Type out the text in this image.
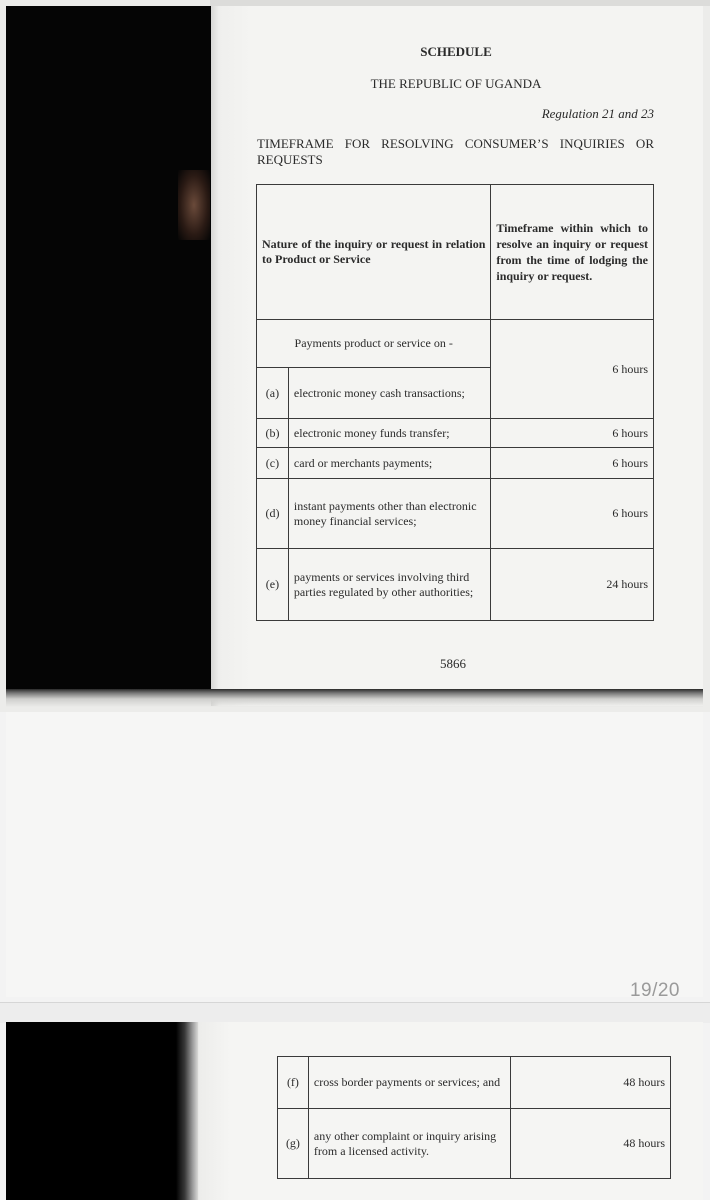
SCHEDULE
THE REPUBLIC OF UGANDA
Regulation 21 and 23
TIMEFRAME FOR RESOLVING CONSUMER’S INQUIRIES OR
REQUESTS
Nature of the inquiry or request in relation to Product or Service		Timeframe within which to resolve an inquiry or request from the time of lodging the inquiry or request.
Payments product or service on -		6 hours
(a)	electronic money cash transactions;	
(b)	electronic money funds transfer;	6 hours
(c)	card or merchants payments;	6 hours
(d)	instant payments other than electronic money financial services;	6 hours
(e)	payments or services involving third parties regulated by other authorities;	24 hours
5866
19/20
(f)	cross border payments or services; and	48 hours
(g)	any other complaint or inquiry arising from a licensed activity.	48 hours
